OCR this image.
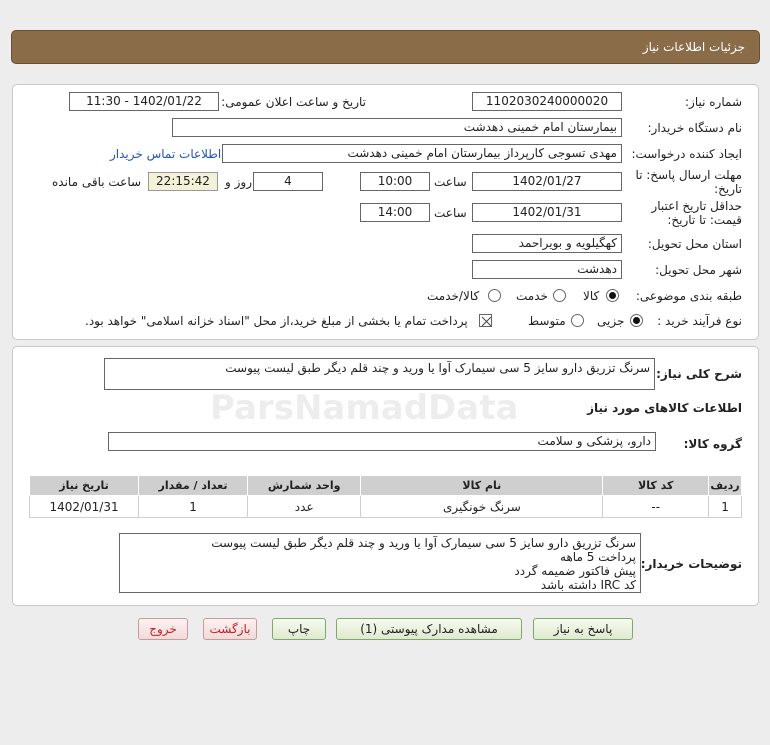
جزئیات اطلاعات نیاز
شماره نیاز:
1102030240000020
تاریخ و ساعت اعلان عمومی:
1402/01/22 - 11:30
نام دستگاه خریدار:
بیمارستان امام خمینی دهدشت
ایجاد کننده درخواست:
مهدی تسوجی کارپرداز بیمارستان امام خمینی دهدشت
اطلاعات تماس خریدار
مهلت ارسال پاسخ: تا
تاریخ:
1402/01/27
ساعت
10:00
4
روز و
22:15:42
ساعت باقی مانده
حداقل تاریخ اعتبار
قیمت: تا تاریخ:
1402/01/31
ساعت
14:00
استان محل تحویل:
کهگیلویه و بویراحمد
شهر محل تحویل:
دهدشت
طبقه بندی موضوعی:
کالا
خدمت
کالا/خدمت
نوع فرآیند خرید :
جزیی
متوسط
پرداخت تمام یا بخشی از مبلغ خرید،از محل "اسناد خزانه اسلامی" خواهد بود.
شرح کلی نیاز:
سرنگ تزریق دارو سایز 5 سی سیمارک آوا یا ورید و چند قلم دیگر طبق لیست پیوست
اطلاعات کالاهای مورد نیاز
گروه کالا:
دارو، پزشکی و سلامت
ردیف	کد کالا	نام کالا	واحد شمارش	تعداد / مقدار	تاریخ نیاز
1	--	سرنگ خونگیری	عدد	1	1402/01/31
توضیحات خریدار:
سرنگ تزریق دارو سایز 5 سی سیمارک آوا یا ورید و چند قلم دیگر طبق لیست پیوست
پرداخت 5 ماهه
پیش فاکتور ضمیمه گردد
کد IRC داشته باشد
پاسخ به نیاز
مشاهده مدارک پیوستی (1)
چاپ
بازگشت
خروج
